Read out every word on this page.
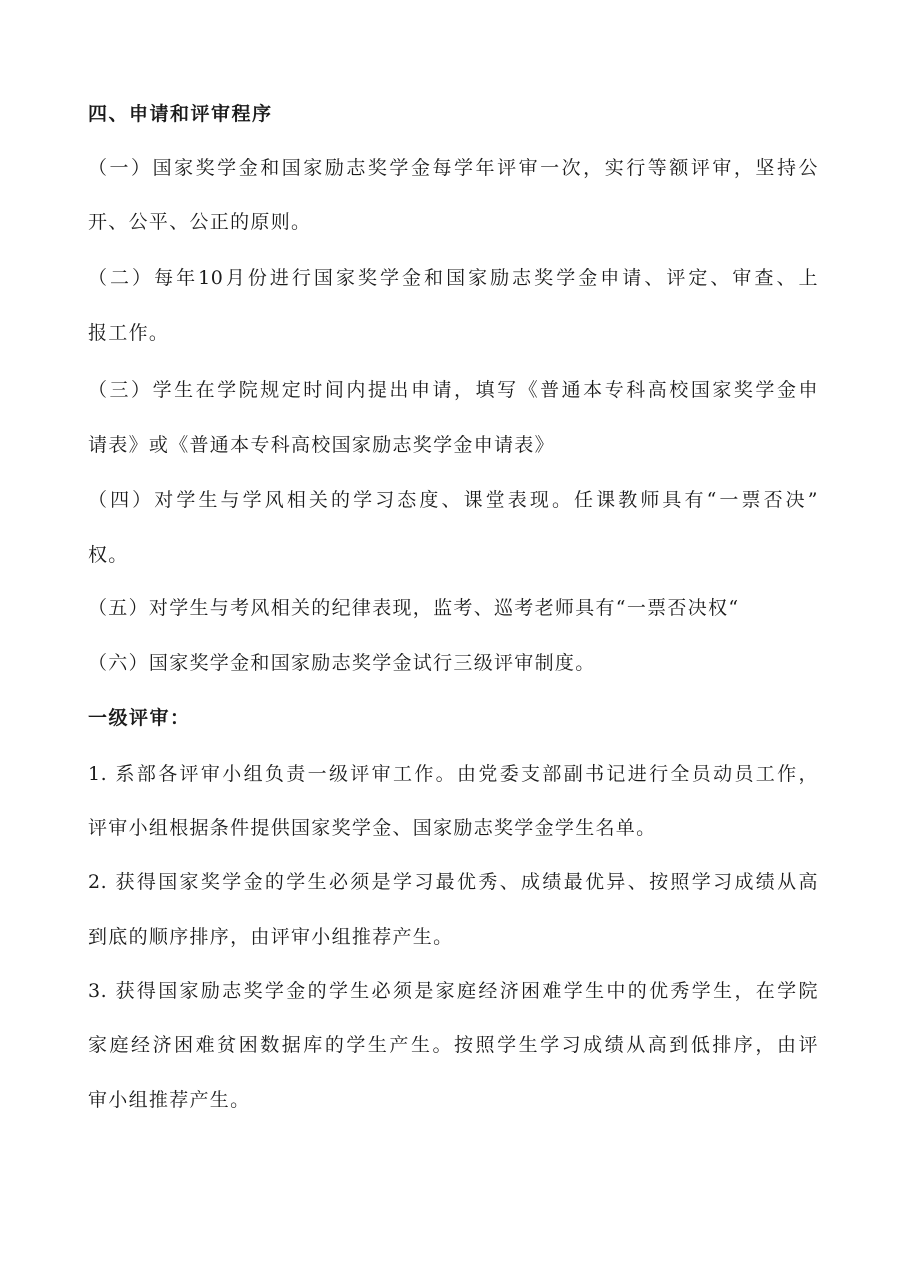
四、申请和评审程序
（一）国家奖学金和国家励志奖学金每学年评审一次，实行等额评审，坚持公
开、公平、公正的原则。
（二）每年10月份进行国家奖学金和国家励志奖学金申请、评定、审查、上
报工作。
（三）学生在学院规定时间内提出申请，填写《普通本专科高校国家奖学金申
请表》或《普通本专科高校国家励志奖学金申请表》
（四）对学生与学风相关的学习态度、课堂表现。任课教师具有“一票否决”
权。
（五）对学生与考风相关的纪律表现，监考、巡考老师具有“一票否决权“
（六）国家奖学金和国家励志奖学金试行三级评审制度。
一级评审：
1. 系部各评审小组负责一级评审工作。由党委支部副书记进行全员动员工作，
评审小组根据条件提供国家奖学金、国家励志奖学金学生名单。
2. 获得国家奖学金的学生必须是学习最优秀、成绩最优异、按照学习成绩从高
到底的顺序排序，由评审小组推荐产生。
3. 获得国家励志奖学金的学生必须是家庭经济困难学生中的优秀学生，在学院
家庭经济困难贫困数据库的学生产生。按照学生学习成绩从高到低排序，由评
审小组推荐产生。
